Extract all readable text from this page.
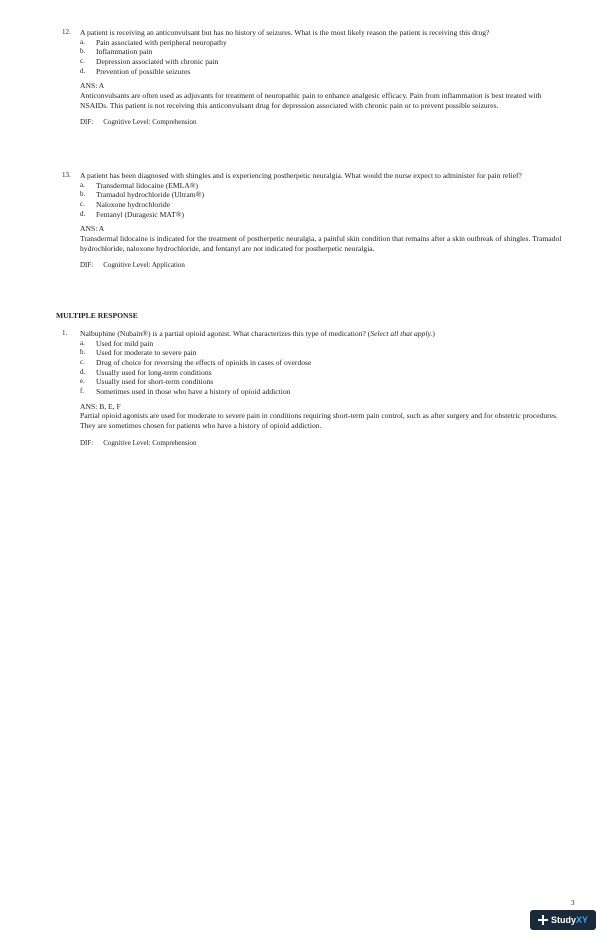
12. A patient is receiving an anticonvulsant but has no history of seizures. What is the most likely reason the patient is receiving this drug?
a. Pain associated with peripheral neuropathy
b. Inflammation pain
c. Depression associated with chronic pain
d. Prevention of possible seizures
ANS: A
Anticonvulsants are often used as adjuvants for treatment of neuropathic pain to enhance analgesic efficacy. Pain from inflammation is best treated with NSAIDs. This patient is not receiving this anticonvulsant drug for depression associated with chronic pain or to prevent possible seizures.
DIF: Cognitive Level: Comprehension
13. A patient has been diagnosed with shingles and is experiencing postherpetic neuralgia. What would the nurse expect to administer for pain relief?
a. Transdermal lidocaine (EMLA®)
b. Tramadol hydrochloride (Ultram®)
c. Naloxone hydrochloride
d. Fentanyl (Duragesic MAT®)
ANS: A
Transdermal lidocaine is indicated for the treatment of postherpetic neuralgia, a painful skin condition that remains after a skin outbreak of shingles. Tramadol hydrochloride, naloxone hydrochloride, and fentanyl are not indicated for postherpetic neuralgia.
DIF: Cognitive Level: Application
MULTIPLE RESPONSE
1. Nalbuphine (Nubain®) is a partial opioid agonist. What characterizes this type of medication? (Select all that apply.)
a. Used for mild pain
b. Used for moderate to severe pain
c. Drug of choice for reversing the effects of opioids in cases of overdose
d. Usually used for long-term conditions
e. Usually used for short-term conditions
f. Sometimes used in those who have a history of opioid addiction
ANS: B, E, F
Partial opioid agonists are used for moderate to severe pain in conditions requiring short-term pain control, such as after surgery and for obstetric procedures. They are sometimes chosen for patients who have a history of opioid addiction.
DIF: Cognitive Level: Comprehension
3
StudyXY
